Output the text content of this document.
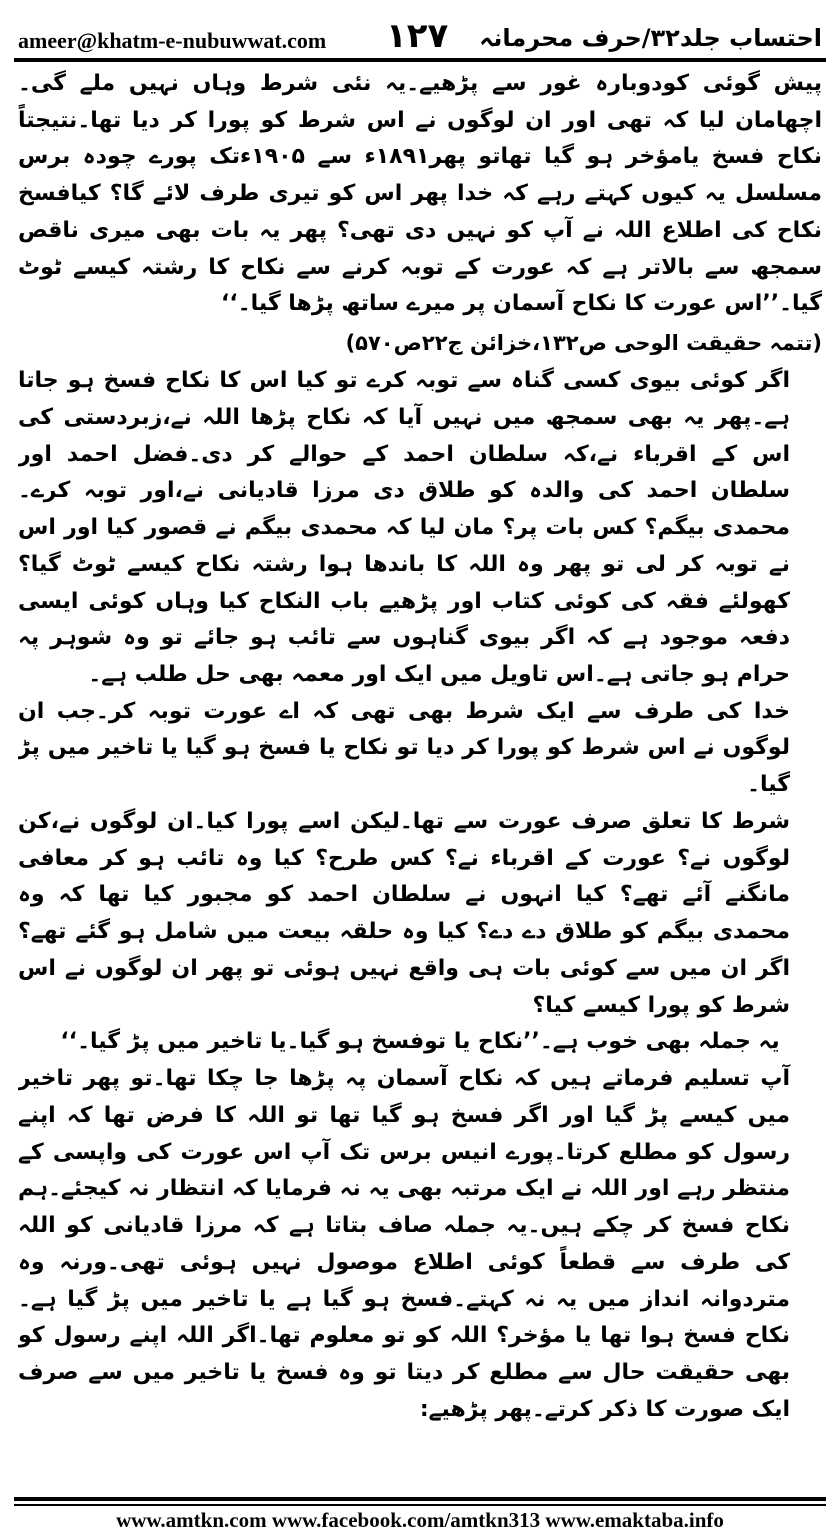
ameer@khatm-e-nubuwwat.com ۱۲۷ احتساب جلد۳۲/حرف محرمانہ

پیش گوئی کودوبارہ غور سے پڑھیے۔یہ نئی شرط وہاں نہیں ملے گی۔ اچھامان لیا کہ تھی اور ان لوگوں نے اس شرط کو پورا کر دیا تھا۔نتیجتاً نکاح فسخ یامؤخر ہو گیا تھاتو پھر۱۸۹۱ء سے ۱۹۰۵ءتک پورے چودہ برس مسلسل یہ کیوں کہتے رہے کہ خدا پھر اس کو تیری طرف لائے گا؟ کیافسخ نکاح کی اطلاع اللہ نے آپ کو نہیں دی تھی؟ پھر یہ بات بھی میری ناقص سمجھ سے بالاتر ہے کہ عورت کے توبہ کرنے سے نکاح کا رشتہ کیسے ٹوٹ گیا۔’’اس عورت کا نکاح آسمان پر میرے ساتھ پڑھا گیا۔‘‘

(تتمہ حقیقت الوحی ص۱۳۲،خزائن ج۲۲ص۵۷۰)

اگر کوئی بیوی کسی گناہ سے توبہ کرے تو کیا اس کا نکاح فسخ ہو جاتا ہے۔پھر یہ بھی سمجھ میں نہیں آیا کہ نکاح پڑھا اللہ نے،زبردستی کی اس کے اقرباء نے،کہ سلطان احمد کے حوالے کر دی۔فضل احمد اور سلطان احمد کی والدہ کو طلاق دی مرزا قادیانی نے،اور توبہ کرے۔محمدی بیگم؟ کس بات پر؟ مان لیا کہ محمدی بیگم نے قصور کیا اور اس نے توبہ کر لی تو پھر وہ اللہ کا باندھا ہوا رشتہ نکاح کیسے ٹوٹ گیا؟ کھولئے فقہ کی کوئی کتاب اور پڑھیے باب النکاح کیا وہاں کوئی ایسی دفعہ موجود ہے کہ اگر بیوی گناہوں سے تائب ہو جائے تو وہ شوہر پہ حرام ہو جاتی ہے۔اس تاویل میں ایک اور معمہ بھی حل طلب ہے۔

خدا کی طرف سے ایک شرط بھی تھی کہ اے عورت توبہ کر۔جب ان لوگوں نے اس شرط کو پورا کر دیا تو نکاح یا فسخ ہو گیا یا تاخیر میں پڑ گیا۔

شرط کا تعلق صرف عورت سے تھا۔لیکن اسے پورا کیا۔ان لوگوں نے،کن لوگوں نے؟ عورت کے اقرباء نے؟ کس طرح؟ کیا وہ تائب ہو کر معافی مانگنے آئے تھے؟ کیا انہوں نے سلطان احمد کو مجبور کیا تھا کہ وہ محمدی بیگم کو طلاق دے دے؟ کیا وہ حلقہ بیعت میں شامل ہو گئے تھے؟ اگر ان میں سے کوئی بات ہی واقع نہیں ہوئی تو پھر ان لوگوں نے اس شرط کو پورا کیسے کیا؟

یہ جملہ بھی خوب ہے۔’’نکاح یا توفسخ ہو گیا۔یا تاخیر میں پڑ گیا۔‘‘

آپ تسلیم فرماتے ہیں کہ نکاح آسمان پہ پڑھا جا چکا تھا۔تو پھر تاخیر میں کیسے پڑ گیا اور اگر فسخ ہو گیا تھا تو اللہ کا فرض تھا کہ اپنے رسول کو مطلع کرتا۔پورے انیس برس تک آپ اس عورت کی واپسی کے منتظر رہے اور اللہ نے ایک مرتبہ بھی یہ نہ فرمایا کہ انتظار نہ کیجئے۔ہم نکاح فسخ کر چکے ہیں۔یہ جملہ صاف بتاتا ہے کہ مرزا قادیانی کو اللہ کی طرف سے قطعاً کوئی اطلاع موصول نہیں ہوئی تھی۔ورنہ وہ متردوانہ انداز میں یہ نہ کہتے۔فسخ ہو گیا ہے یا تاخیر میں پڑ گیا ہے۔نکاح فسخ ہوا تھا یا مؤخر؟ اللہ کو تو معلوم تھا۔اگر اللہ اپنے رسول کو بھی حقیقت حال سے مطلع کر دیتا تو وہ فسخ یا تاخیر میں سے صرف ایک صورت کا ذکر کرتے۔پھر پڑھیے:

www.amtkn.com www.facebook.com/amtkn313 www.emaktaba.info
